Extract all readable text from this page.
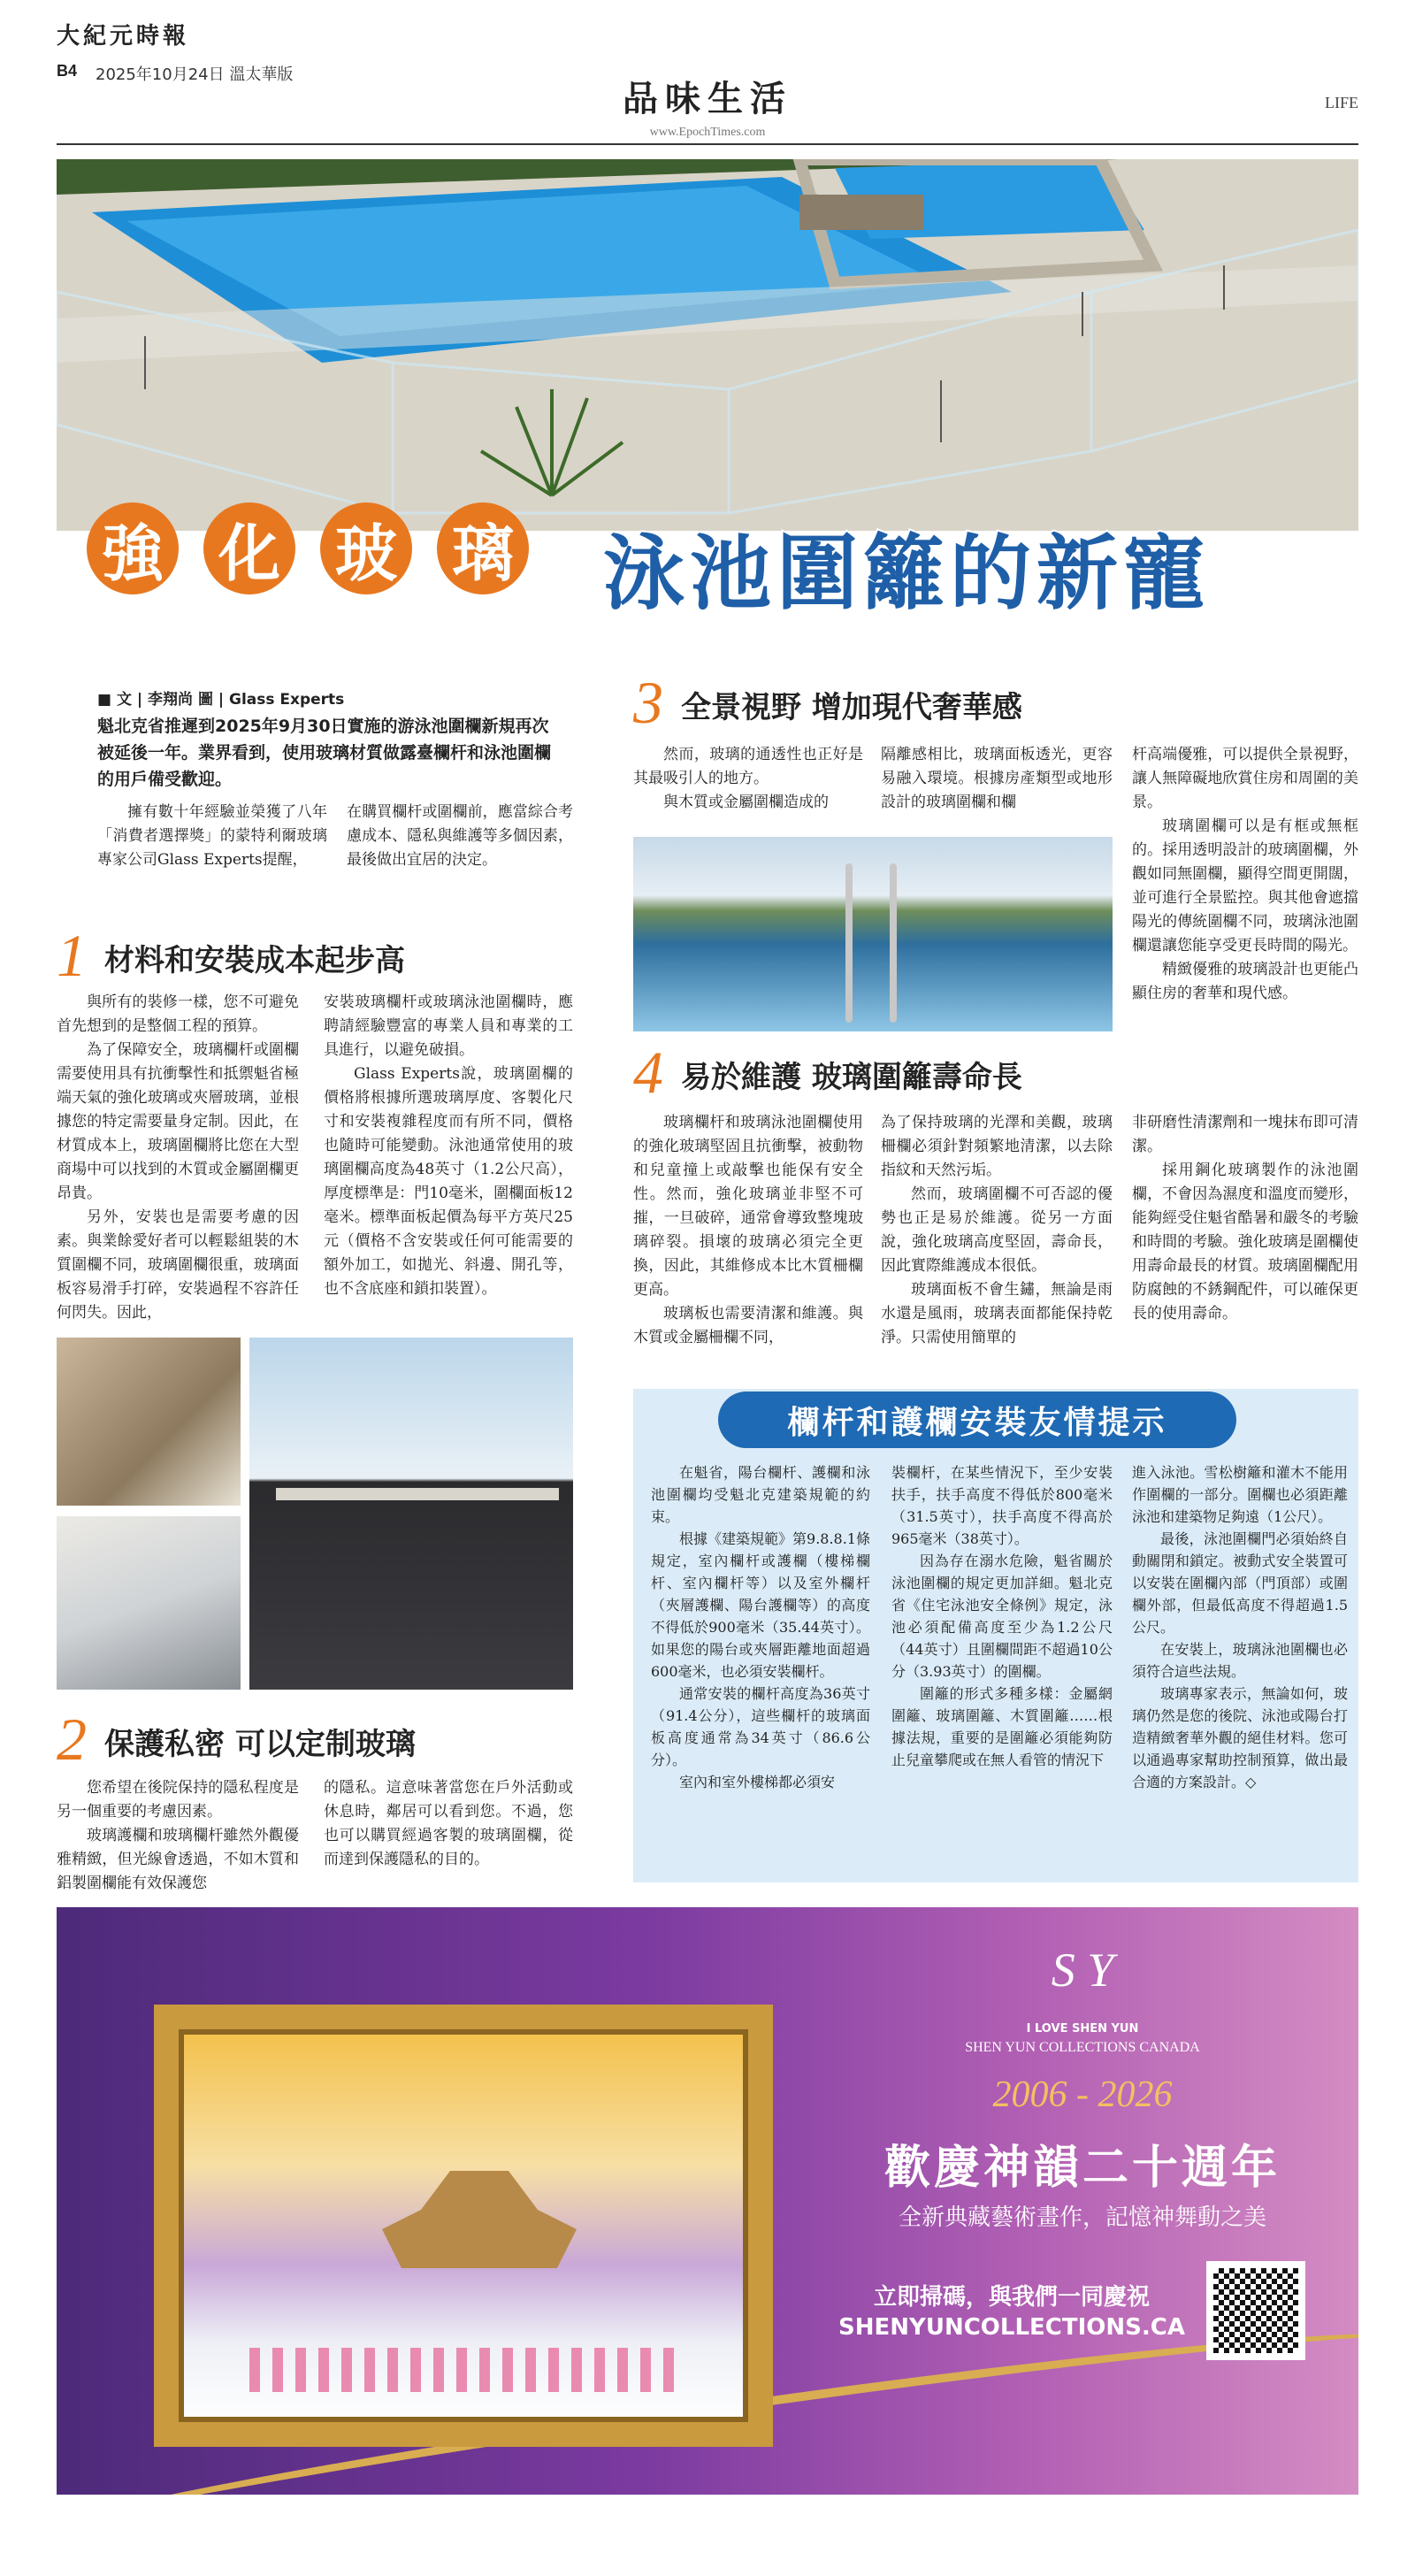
大紀元時報
B4 2025年10月24日 溫太華版
品味生活
www.EpochTimes.com
LIFE
強 化 玻 璃 泳池圍籬的新寵
■ 文 | 李翔尚 圖 | Glass Experts
魁北克省推遲到2025年9月30日實施的游泳池圍欄新規再次被延後一年。業界看到，使用玻璃材質做露臺欄杆和泳池圍欄的用戶備受歡迎。

擁有數十年經驗並榮獲了八年「消費者選擇獎」的蒙特利爾玻璃專家公司Glass Experts提醒，

在購買欄杆或圍欄前，應當綜合考慮成本、隱私與維護等多個因素，最後做出宜居的決定。

1 材料和安裝成本起步高

與所有的裝修一樣，您不可避免首先想到的是整個工程的預算。

為了保障安全，玻璃欄杆或圍欄需要使用具有抗衝擊性和抵禦魁省極端天氣的強化玻璃或夾層玻璃，並根據您的特定需要量身定制。因此，在材質成本上，玻璃圍欄將比您在大型商場中可以找到的木質或金屬圍欄更昂貴。

另外，安裝也是需要考慮的因素。與業餘愛好者可以輕鬆組裝的木質圍欄不同，玻璃圍欄很重，玻璃面板容易滑手打碎，安裝過程不容許任何閃失。因此，

安裝玻璃欄杆或玻璃泳池圍欄時，應聘請經驗豐富的專業人員和專業的工具進行，以避免破損。

Glass Experts說，玻璃圍欄的價格將根據所選玻璃厚度、客製化尺寸和安裝複雜程度而有所不同，價格也隨時可能變動。泳池通常使用的玻璃圍欄高度為48英寸（1.2公尺高），厚度標準是：門10毫米，圍欄面板12毫米。標準面板起價為每平方英尺25元（價格不含安裝或任何可能需要的額外加工，如拋光、斜邊、開孔等，也不含底座和鎖扣裝置）。

2 保護私密 可以定制玻璃

您希望在後院保持的隱私程度是另一個重要的考慮因素。

玻璃護欄和玻璃欄杆雖然外觀優雅精緻，但光線會透過，不如木質和鋁製圍欄能有效保護您

的隱私。這意味著當您在戶外活動或休息時，鄰居可以看到您。不過，您也可以購買經過客製的玻璃圍欄，從而達到保護隱私的目的。

3 全景視野 增加現代奢華感

然而，玻璃的通透性也正好是其最吸引人的地方。

與木質或金屬圍欄造成的

隔離感相比，玻璃面板透光，更容易融入環境。根據房產類型或地形設計的玻璃圍欄和欄

杆高端優雅，可以提供全景視野，讓人無障礙地欣賞住房和周圍的美景。

玻璃圍欄可以是有框或無框的。採用透明設計的玻璃圍欄，外觀如同無圍欄，顯得空間更開闊，並可進行全景監控。與其他會遮擋陽光的傳統圍欄不同，玻璃泳池圍欄還讓您能享受更長時間的陽光。

精緻優雅的玻璃設計也更能凸顯住房的奢華和現代感。

4 易於維護 玻璃圍籬壽命長

玻璃欄杆和玻璃泳池圍欄使用的強化玻璃堅固且抗衝擊，被動物和兒童撞上或敲擊也能保有安全性。然而，強化玻璃並非堅不可摧，一旦破碎，通常會導致整塊玻璃碎裂。損壞的玻璃必須完全更換，因此，其維修成本比木質柵欄更高。

玻璃板也需要清潔和維護。與木質或金屬柵欄不同，

為了保持玻璃的光澤和美觀，玻璃柵欄必須針對頻繁地清潔，以去除指紋和天然污垢。

然而，玻璃圍欄不可否認的優勢也正是易於維護。從另一方面說，強化玻璃高度堅固，壽命長，因此實際維護成本很低。

玻璃面板不會生鏽，無論是雨水還是風雨，玻璃表面都能保持乾淨。只需使用簡單的

非研磨性清潔劑和一塊抹布即可清潔。

採用鋼化玻璃製作的泳池圍欄，不會因為濕度和溫度而變形，能夠經受住魁省酷暑和嚴冬的考驗和時間的考驗。強化玻璃是圍欄使用壽命最長的材質。玻璃圍欄配用防腐蝕的不銹鋼配件，可以確保更長的使用壽命。

欄杆和護欄安裝友情提示

在魁省，陽台欄杆、護欄和泳池圍欄均受魁北克建築規範的約束。

根據《建築規範》第9.8.8.1條規定，室內欄杆或護欄（樓梯欄杆、室內欄杆等）以及室外欄杆（夾層護欄、陽台護欄等）的高度不得低於900毫米（35.44英寸）。如果您的陽台或夾層距離地面超過600毫米，也必須安裝欄杆。

通常安裝的欄杆高度為36英寸（91.4公分），這些欄杆的玻璃面板高度通常為34英寸（86.6公分）。

室內和室外樓梯都必須安

裝欄杆，在某些情況下，至少安裝扶手，扶手高度不得低於800毫米（31.5英寸），扶手高度不得高於965毫米（38英寸）。

因為存在溺水危險，魁省關於泳池圍欄的規定更加詳細。魁北克省《住宅泳池安全條例》規定，泳池必須配備高度至少為1.2公尺（44英寸）且圍欄間距不超過10公分（3.93英寸）的圍欄。

圍籬的形式多種多樣：金屬網圍籬、玻璃圍籬、木質圍籬……根據法規，重要的是圍籬必須能夠防止兒童攀爬或在無人看管的情況下

進入泳池。雪松樹籬和灌木不能用作圍欄的一部分。圍欄也必須距離泳池和建築物足夠遠（1公尺）。

最後，泳池圍欄門必須始終自動關閉和鎖定。被動式安全裝置可以安裝在圍欄內部（門頂部）或圍欄外部，但最低高度不得超過1.5公尺。

在安裝上，玻璃泳池圍欄也必須符合這些法規。

玻璃專家表示，無論如何，玻璃仍然是您的後院、泳池或陽台打造精緻奢華外觀的絕佳材料。您可以通過專家幫助控制預算，做出最合適的方案設計。◇

S Y
I LOVE SHEN YUN
SHEN YUN COLLECTIONS CANADA
2006 - 2026
歡慶神韻二十週年
全新典藏藝術畫作，記憶神舞動之美
立即掃碼，與我們一同慶祝
SHENYUNCOLLECTIONS.CA
